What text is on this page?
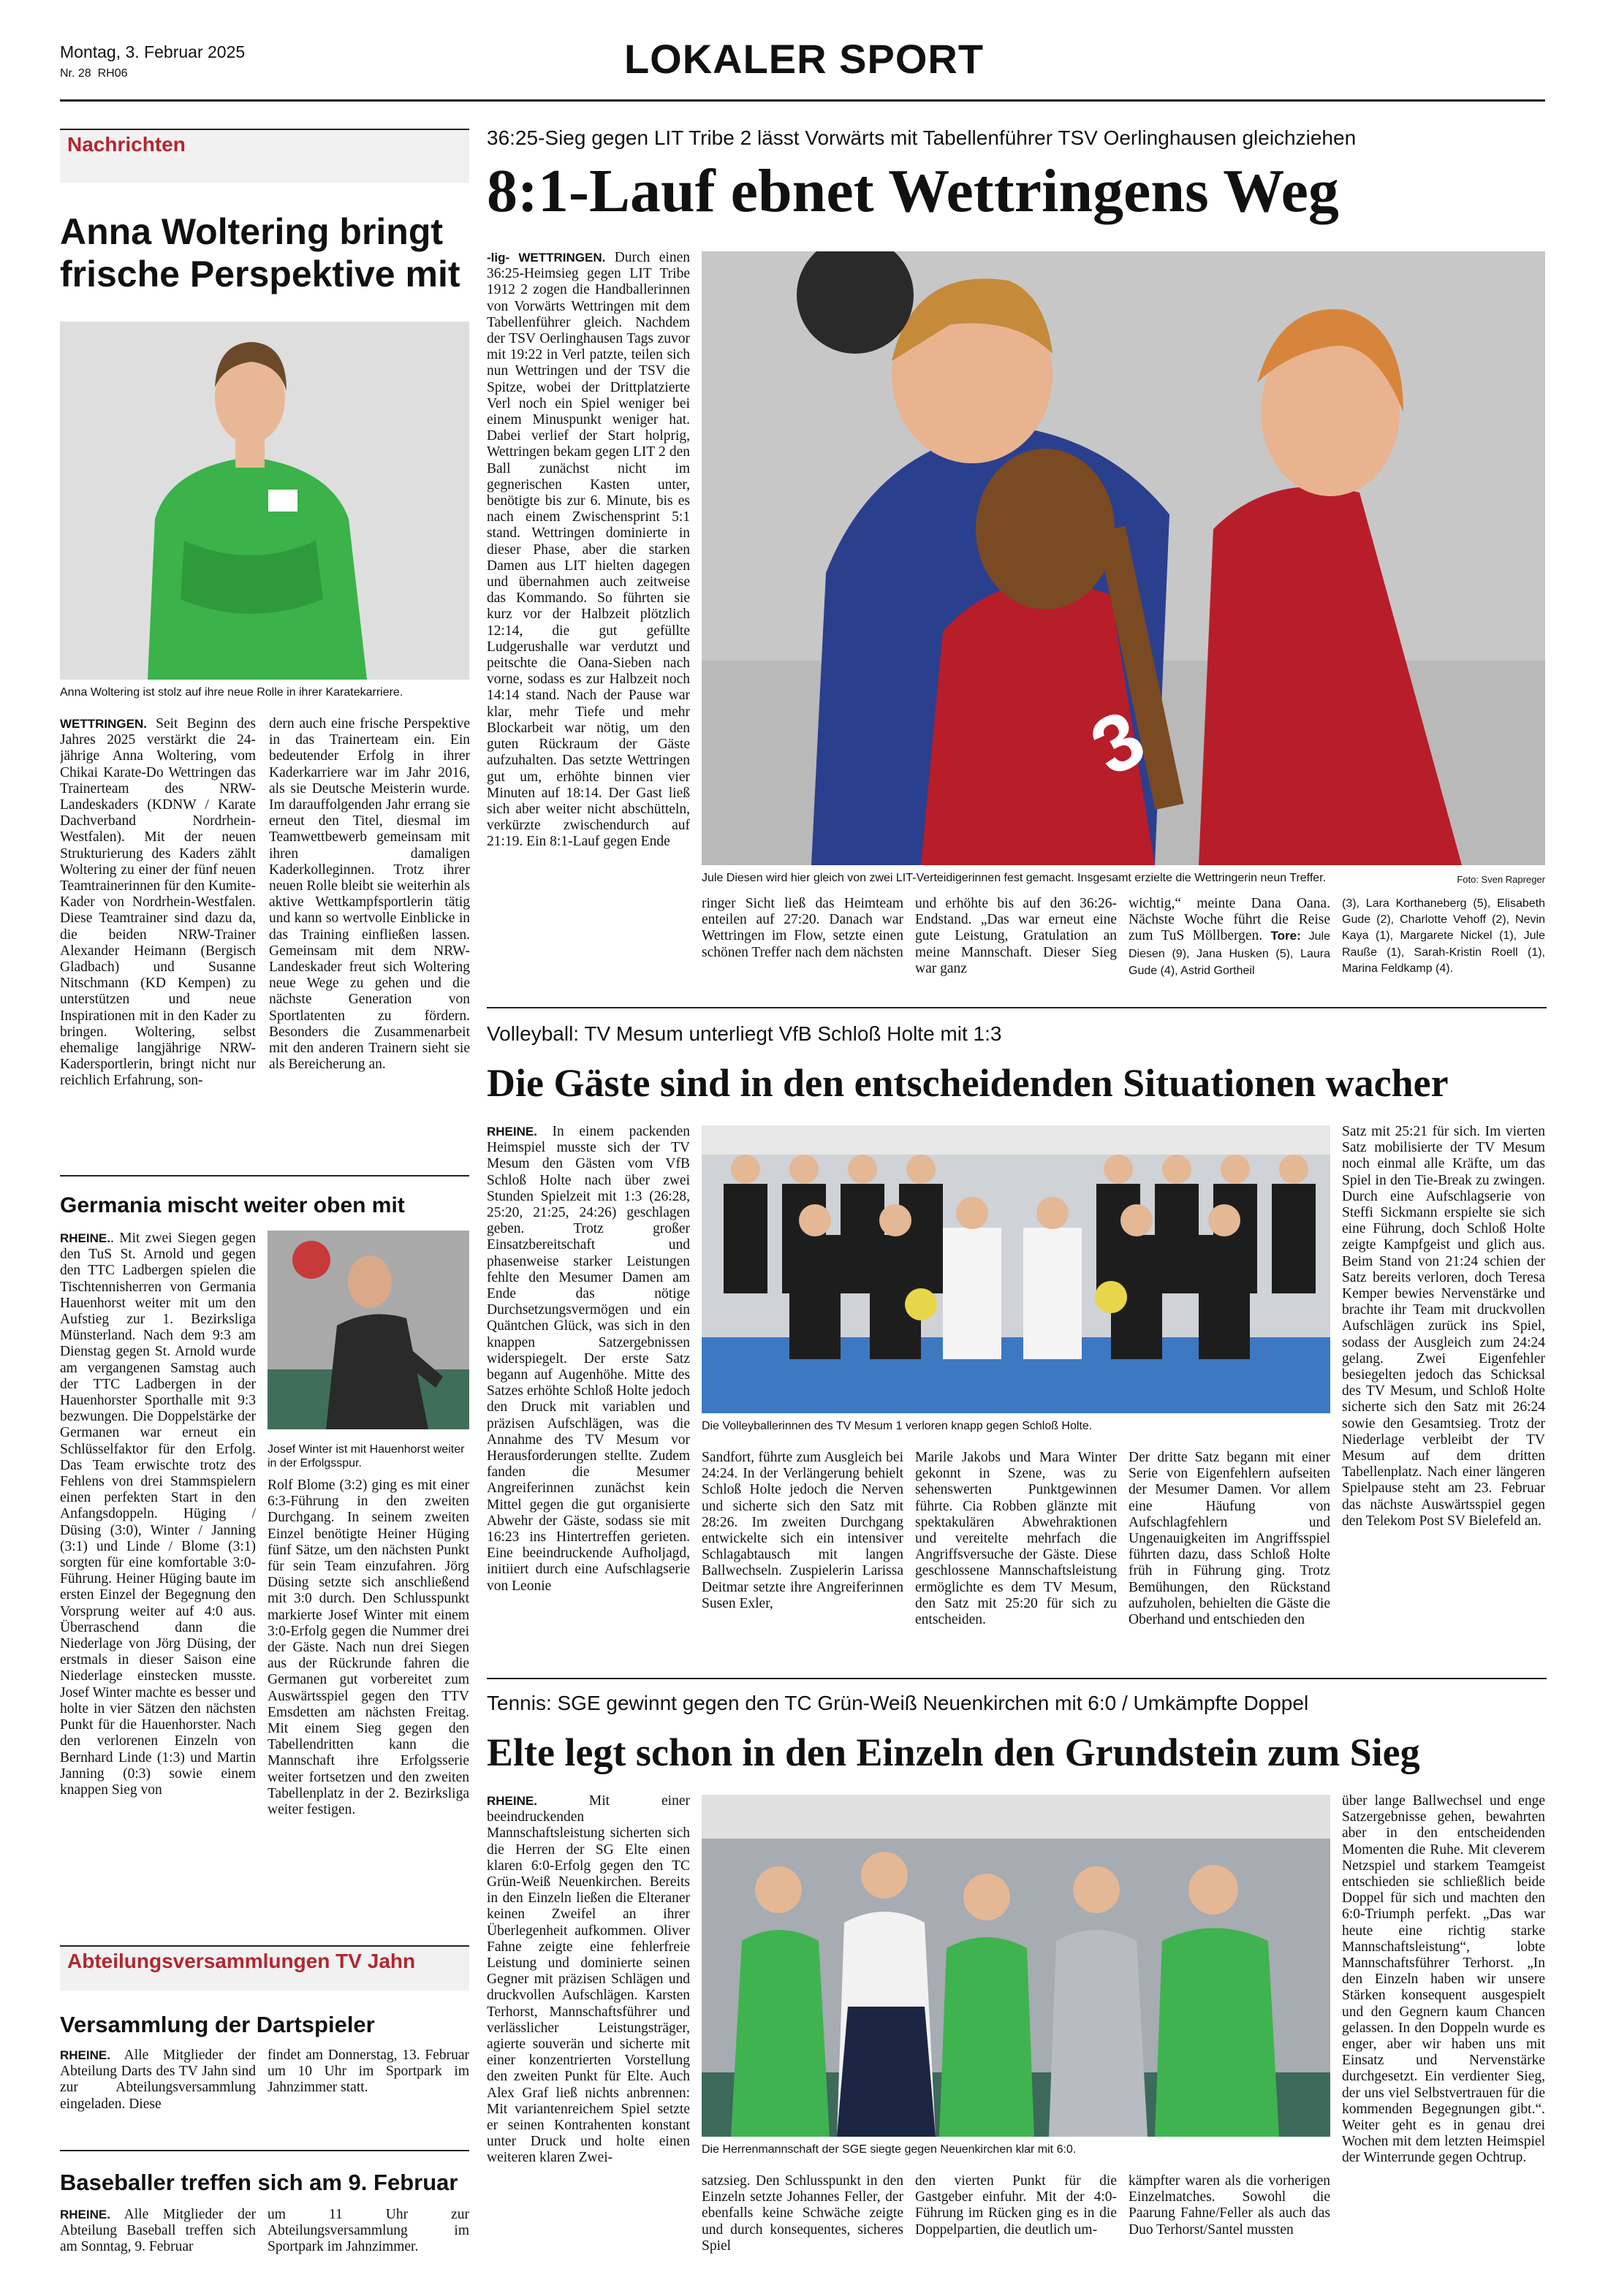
Montag, 3. Februar 2025
Nr. 28 RH06	LOKALER SPORT
Nachrichten
Anna Woltering bringt frische Perspektive mit
Anna Woltering ist stolz auf ihre neue Rolle in ihrer Karatekarriere.
WETTRINGEN. Seit Beginn des Jahres 2025 verstärkt die 24-jährige Anna Woltering, vom Chikai Karate-Do Wettringen das Trainerteam des NRW-Landeskaders (KDNW / Karate Dachverband Nordrhein-Westfalen). Mit der neuen Strukturierung des Kaders zählt Woltering zu einer der fünf neuen Teamtrainerinnen für den Kumite-Kader von Nordrhein-Westfalen. Diese Teamtrainer sind dazu da, die beiden NRW-Trainer Alexander Heimann (Bergisch Gladbach) und Susanne Nitschmann (KD Kempen) zu unterstützen und neue Inspirationen mit in den Kader zu bringen. Woltering, selbst ehemalige langjährige NRW-Kadersportlerin, bringt nicht nur reichlich Erfahrung, son-
dern auch eine frische Perspektive in das Trainerteam ein. Ein bedeutender Erfolg in ihrer Kaderkarriere war im Jahr 2016, als sie Deutsche Meisterin wurde. Im darauffolgenden Jahr errang sie erneut den Titel, diesmal im Teamwettbewerb gemeinsam mit ihren damaligen Kaderkolleginnen. Trotz ihrer neuen Rolle bleibt sie weiterhin als aktive Wettkampfsportlerin tätig und kann so wertvolle Einblicke in das Training einfließen lassen. Gemeinsam mit dem NRW-Landeskader freut sich Woltering neue Wege zu gehen und die nächste Generation von Sportlatenten zu fördern. Besonders die Zusammenarbeit mit den anderen Trainern sieht sie als Bereicherung an.
Germania mischt weiter oben mit
RHEINE.. Mit zwei Siegen gegen den TuS St. Arnold und gegen den TTC Ladbergen spielen die Tischtennisherren von Germania Hauenhorst weiter mit um den Aufstieg zur 1. Bezirksliga Münsterland. Nach dem 9:3 am Dienstag gegen St. Arnold wurde am vergangenen Samstag auch der TTC Ladbergen in der Hauenhorster Sporthalle mit 9:3 bezwungen. Die Doppelstärke der Germanen war erneut ein Schlüsselfaktor für den Erfolg. Das Team erwischte trotz des Fehlens von drei Stammspielern einen perfekten Start in den Anfangsdoppeln. Hüging / Düsing (3:0), Winter / Janning (3:1) und Linde / Blome (3:1) sorgten für eine komfortable 3:0-Führung. Heiner Hüging baute im ersten Einzel der Begegnung den Vorsprung weiter auf 4:0 aus. Überraschend dann die Niederlage von Jörg Düsing, der erstmals in dieser Saison eine Niederlage einstecken musste. Josef Winter machte es besser und holte in vier Sätzen den nächsten Punkt für die Hauenhorster. Nach den verlorenen Einzeln von Bernhard Linde (1:3) und Martin Janning (0:3) sowie einem knappen Sieg von
Josef Winter ist mit Hauenhorst weiter in der Erfolgsspur.
Rolf Blome (3:2) ging es mit einer 6:3-Führung in den zweiten Durchgang. In seinem zweiten Einzel benötigte Heiner Hüging fünf Sätze, um den nächsten Punkt für sein Team einzufahren. Jörg Düsing setzte sich anschließend mit 3:0 durch. Den Schlusspunkt markierte Josef Winter mit einem 3:0-Erfolg gegen die Nummer drei der Gäste. Nach nun drei Siegen aus der Rückrunde fahren die Germanen gut vorbereitet zum Auswärtsspiel gegen den TTV Emsdetten am nächsten Freitag. Mit einem Sieg gegen den Tabellendritten kann die Mannschaft ihre Erfolgsserie weiter fortsetzen und den zweiten Tabellenplatz in der 2. Bezirksliga weiter festigen.
Abteilungsversammlungen TV Jahn
Versammlung der Dartspieler
RHEINE. Alle Mitglieder der Abteilung Darts des TV Jahn sind zur Abteilungsversammlung eingeladen. Diese
findet am Donnerstag, 13. Februar um 10 Uhr im Sportpark im Jahnzimmer statt.
Baseballer treffen sich am 9. Februar
RHEINE. Alle Mitglieder der Abteilung Baseball treffen sich am Sonntag, 9. Februar
um 11 Uhr zur Abteilungsversammlung im Sportpark im Jahnzimmer.
36:25-Sieg gegen LIT Tribe 2 lässt Vorwärts mit Tabellenführer TSV Oerlinghausen gleichziehen
8:1-Lauf ebnet Wettringens Weg
-lig- WETTRINGEN. Durch einen 36:25-Heimsieg gegen LIT Tribe 1912 2 zogen die Handballerinnen von Vorwärts Wettringen mit dem Tabellenführer gleich. Nachdem der TSV Oerlinghausen Tags zuvor mit 19:22 in Verl patzte, teilen sich nun Wettringen und der TSV die Spitze, wobei der Drittplatzierte Verl noch ein Spiel weniger bei einem Minuspunkt weniger hat. Dabei verlief der Start holprig, Wettringen bekam gegen LIT 2 den Ball zunächst nicht im gegnerischen Kasten unter, benötigte bis zur 6. Minute, bis es nach einem Zwischensprint 5:1 stand. Wettringen dominierte in dieser Phase, aber die starken Damen aus LIT hielten dagegen und übernahmen auch zeitweise das Kommando. So führten sie kurz vor der Halbzeit plötzlich 12:14, die gut gefüllte Ludgerushalle war verdutzt und peitschte die Oana-Sieben nach vorne, sodass es zur Halbzeit noch 14:14 stand. Nach der Pause war klar, mehr Tiefe und mehr Blockarbeit war nötig, um den guten Rückraum der Gäste aufzuhalten. Das setzte Wettringen gut um, erhöhte binnen vier Minuten auf 18:14. Der Gast ließ sich aber weiter nicht abschütteln, verkürzte zwischendurch auf 21:19. Ein 8:1-Lauf gegen Ende
3
Jule Diesen wird hier gleich von zwei LIT-Verteidigerinnen fest gemacht. Insgesamt erzielte die Wettringerin neun Treffer.	Foto: Sven Rapreger
ringer Sicht ließ das Heimteam enteilen auf 27:20. Danach war Wettringen im Flow, setzte einen schönen Treffer nach dem nächsten
und erhöhte bis auf den 36:26-Endstand. „Das war erneut eine gute Leistung, Gratulation an meine Mannschaft. Dieser Sieg war ganz
wichtig,“ meinte Dana Oana. Nächste Woche führt die Reise zum TuS Möllbergen. Tore: Jule Diesen (9), Jana Husken (5), Laura Gude (4), Astrid Gortheil
(3), Lara Korthaneberg (5), Elisabeth Gude (2), Charlotte Vehoff (2), Nevin Kaya (1), Margarete Nickel (1), Jule Rauße (1), Sarah-Kristin Roell (1), Marina Feldkamp (4).
Volleyball: TV Mesum unterliegt VfB Schloß Holte mit 1:3
Die Gäste sind in den entscheidenden Situationen wacher
RHEINE. In einem packenden Heimspiel musste sich der TV Mesum den Gästen vom VfB Schloß Holte nach über zwei Stunden Spielzeit mit 1:3 (26:28, 25:20, 21:25, 24:26) geschlagen geben. Trotz großer Einsatzbereitschaft und phasenweise starker Leistungen fehlte den Mesumer Damen am Ende das nötige Durchsetzungsvermögen und ein Quäntchen Glück, was sich in den knappen Satzergebnissen widerspiegelt. Der erste Satz begann auf Augenhöhe. Mitte des Satzes erhöhte Schloß Holte jedoch den Druck mit variablen und präzisen Aufschlägen, was die Annahme des TV Mesum vor Herausforderungen stellte. Zudem fanden die Mesumer Angreiferinnen zunächst kein Mittel gegen die gut organisierte Abwehr der Gäste, sodass sie mit 16:23 ins Hintertreffen gerieten. Eine beeindruckende Aufholjagd, initiiert durch eine Aufschlagserie von Leonie
Die Volleyballerinnen des TV Mesum 1 verloren knapp gegen Schloß Holte.
Sandfort, führte zum Ausgleich bei 24:24. In der Verlängerung behielt Schloß Holte jedoch die Nerven und sicherte sich den Satz mit 28:26. Im zweiten Durchgang entwickelte sich ein intensiver Schlagabtausch mit langen Ballwechseln. Zuspielerin Larissa Deitmar setzte ihre Angreiferinnen Susen Exler,
Marile Jakobs und Mara Winter gekonnt in Szene, was zu sehenswerten Punktgewinnen führte. Cia Robben glänzte mit spektakulären Abwehraktionen und vereitelte mehrfach die Angriffsversuche der Gäste. Diese geschlossene Mannschaftsleistung ermöglichte es dem TV Mesum, den Satz mit 25:20 für sich zu entscheiden.
Der dritte Satz begann mit einer Serie von Eigenfehlern aufseiten der Mesumer Damen. Vor allem eine Häufung von Aufschlagfehlern und Ungenauigkeiten im Angriffsspiel führten dazu, dass Schloß Holte früh in Führung ging. Trotz Bemühungen, den Rückstand aufzuholen, behielten die Gäste die Oberhand und entschieden den
Satz mit 25:21 für sich. Im vierten Satz mobilisierte der TV Mesum noch einmal alle Kräfte, um das Spiel in den Tie-Break zu zwingen. Durch eine Aufschlagserie von Steffi Sickmann erspielte sie sich eine Führung, doch Schloß Holte zeigte Kampfgeist und glich aus. Beim Stand von 21:24 schien der Satz bereits verloren, doch Teresa Kemper bewies Nervenstärke und brachte ihr Team mit druckvollen Aufschlägen zurück ins Spiel, sodass der Ausgleich zum 24:24 gelang. Zwei Eigenfehler besiegelten jedoch das Schicksal des TV Mesum, und Schloß Holte sicherte sich den Satz mit 26:24 sowie den Gesamtsieg. Trotz der Niederlage verbleibt der TV Mesum auf dem dritten Tabellenplatz. Nach einer längeren Spielpause steht am 23. Februar das nächste Auswärtsspiel gegen den Telekom Post SV Bielefeld an.
Tennis: SGE gewinnt gegen den TC Grün-Weiß Neuenkirchen mit 6:0 / Umkämpfte Doppel
Elte legt schon in den Einzeln den Grundstein zum Sieg
RHEINE. Mit einer beeindruckenden Mannschaftsleistung sicherten sich die Herren der SG Elte einen klaren 6:0-Erfolg gegen den TC Grün-Weiß Neuenkirchen. Bereits in den Einzeln ließen die Elteraner keinen Zweifel an ihrer Überlegenheit aufkommen. Oliver Fahne zeigte eine fehlerfreie Leistung und dominierte seinen Gegner mit präzisen Schlägen und druckvollen Aufschlägen. Karsten Terhorst, Mannschaftsführer und verlässlicher Leistungsträger, agierte souverän und sicherte mit einer konzentrierten Vorstellung den zweiten Punkt für Elte. Auch Alex Graf ließ nichts anbrennen: Mit variantenreichem Spiel setzte er seinen Kontrahenten konstant unter Druck und holte einen weiteren klaren Zwei-
Die Herrenmannschaft der SGE siegte gegen Neuenkirchen klar mit 6:0.
satzsieg. Den Schlusspunkt in den Einzeln setzte Johannes Feller, der ebenfalls keine Schwäche zeigte und durch konsequentes, sicheres Spiel
den vierten Punkt für die Gastgeber einfuhr. Mit der 4:0-Führung im Rücken ging es in die Doppelpartien, die deutlich um-
kämpfter waren als die vorherigen Einzelmatches. Sowohl die Paarung Fahne/Feller als auch das Duo Terhorst/Santel mussten
über lange Ballwechsel und enge Satzergebnisse gehen, bewahrten aber in den entscheidenden Momenten die Ruhe. Mit cleverem Netzspiel und starkem Teamgeist entschieden sie schließlich beide Doppel für sich und machten den 6:0-Triumph perfekt. „Das war heute eine richtig starke Mannschaftsleistung“, lobte Mannschaftsführer Terhorst. „In den Einzeln haben wir unsere Stärken konsequent ausgespielt und den Gegnern kaum Chancen gelassen. In den Doppeln wurde es enger, aber wir haben uns mit Einsatz und Nervenstärke durchgesetzt. Ein verdienter Sieg, der uns viel Selbstvertrauen für die kommenden Begegnungen gibt.“. Weiter geht es in genau drei Wochen mit dem letzten Heimspiel der Winterrunde gegen Ochtrup.
